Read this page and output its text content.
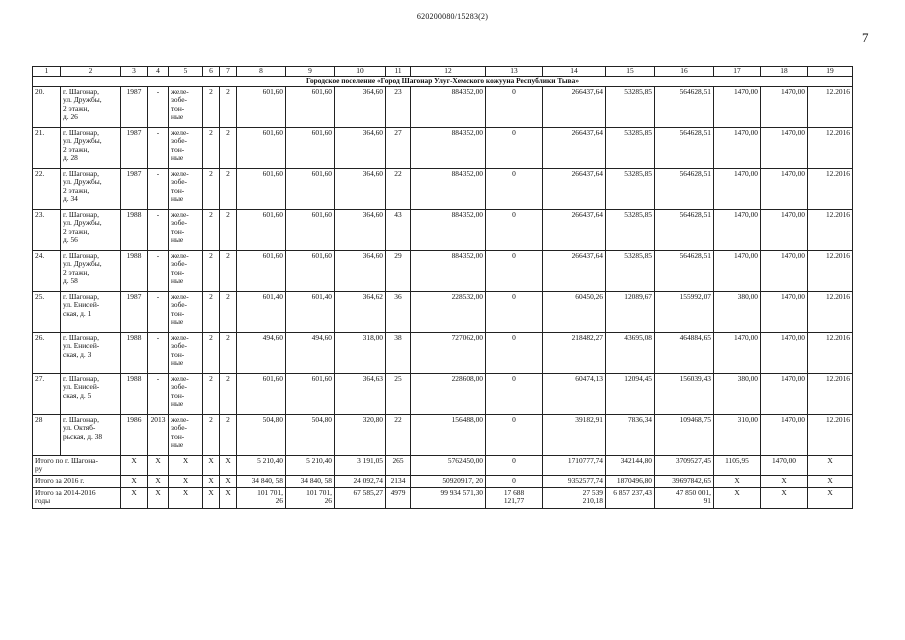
620200080/15283(2)
7
1	2	3	4	5	6	7	8	9	10	11	12	13	14	15	16	17	18	19
Городское поселение «Город Шагонар Улуг-Хемского кожууна Республики Тыва»																		
20.	г. Шагонар,
ул. Дружбы,
2 этажн,
д. 26	1987	-	желе-
зобе-
тон-
ные	2	2	601,60	601,60	364,60	23	884352,00	0	266437,64	53285,85	564628,51	1470,00	1470,00	12.2016
21.	г. Шагонар,
ул. Дружбы,
2 этажн,
д. 28	1987	-	желе-
зобе-
тон-
ные	2	2	601,60	601,60	364,60	27	884352,00	0	266437,64	53285,85	564628,51	1470,00	1470,00	12.2016
22.	г. Шагонар,
ул. Дружбы,
2 этажн,
д. 34	1987	-	желе-
зобе-
тон-
ные	2	2	601,60	601,60	364,60	22	884352,00	0	266437,64	53285,85	564628,51	1470,00	1470,00	12.2016
23.	г. Шагонар,
ул. Дружбы,
2 этажн,
д. 56	1988	-	желе-
зобе-
тон-
ные	2	2	601,60	601,60	364,60	43	884352,00	0	266437,64	53285,85	564628,51	1470,00	1470,00	12.2016
24.	г. Шагонар,
ул. Дружбы,
2 этажн,
д. 58	1988	-	желе-
зобе-
тон-
ные	2	2	601,60	601,60	364,60	29	884352,00	0	266437,64	53285,85	564628,51	1470,00	1470,00	12.2016
25.	г. Шагонар,
ул. Енисей-
ская, д. 1	1987	-	желе-
зобе-
тон-
ные	2	2	601,40	601,40	364,62	36	228532,00	0	60450,26	12089,67	155992,07	380,00	1470,00	12.2016
26.	г. Шагонар,
ул. Енисей-
ская, д. 3	1988	-	желе-
зобе-
тон-
ные	2	2	494,60	494,60	318,00	38	727062,00	0	218482,27	43695,08	464884,65	1470,00	1470,00	12.2016
27.	г. Шагонар,
ул. Енисей-
ская, д. 5	1988	-	желе-
зобе-
тон-
ные	2	2	601,60	601,60	364,63	25	228608,00	0	60474,13	12094,45	156039,43	380,00	1470,00	12.2016
28	г. Шагонар,
ул. Октяб-
рьская, д. 38	1986	2013	желе-
зобе-
тон-
ные	2	2	504,80	504,80	320,80	22	156488,00	0	39182,91	7836,34	109468,75	310,00	1470,00	12.2016
Итого по г. Шагона-
ру		X	X	X	X	X	5 210,40	5 210,40	3 191,05	265	5762450,00	0	1710777,74	342144,80	3709527,45	1105,95	1470,00	X
Итого за 2016 г.		X	X	X	X	X	34 840, 58	34 840, 58	24 092,74	2134	50920917, 20	0	9352577,74	1870496,80	39697842,65	X	X	X
Итого за 2014-2016
годы		X	X	X	X	X	101 701,
26	101 701,
26	67 585,27	4979	99 934 571,30	17 688
121,77	27 539
210,18	6 857 237,43	47 850 001,
91	X	X	X
